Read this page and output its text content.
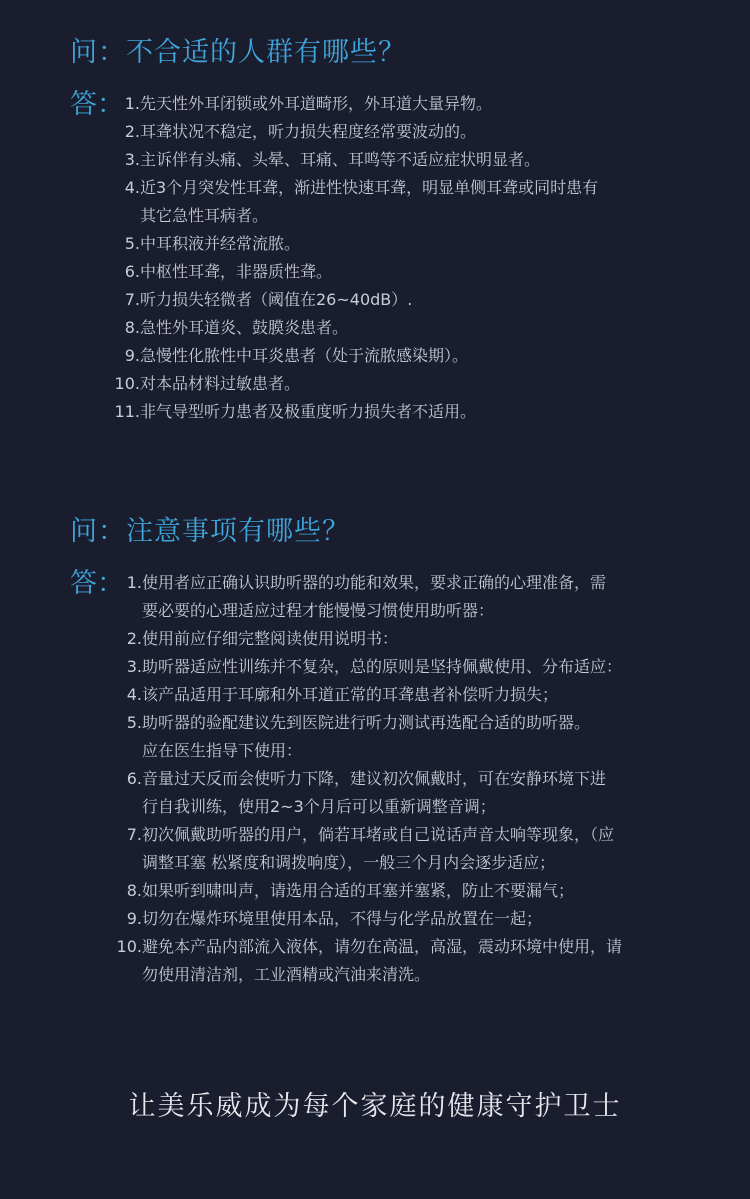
问：不合适的人群有哪些？
答： 1.先天性外耳闭锁或外耳道畸形，外耳道大量异物。
2.耳聋状况不稳定，听力损失程度经常要波动的。
3.主诉伴有头痛、头晕、耳痛、耳鸣等不适应症状明显者。
4.近3个月突发性耳聋，渐进性快速耳聋，明显单侧耳聋或同时患有
其它急性耳病者。
5.中耳积液并经常流脓。
6.中枢性耳聋，非器质性聋。
7.听力损失轻微者（阈值在26~40dB）.
8.急性外耳道炎、鼓膜炎患者。
9.急慢性化脓性中耳炎患者（处于流脓感染期）。
10.对本品材料过敏患者。
11.非气导型听力患者及极重度听力损失者不适用。
问：注意事项有哪些？
答： 1.使用者应正确认识助听器的功能和效果，要求正确的心理准备，需
要必要的心理适应过程才能慢慢习惯使用助听器：
2.使用前应仔细完整阅读使用说明书：
3.助听器适应性训练并不复杂，总的原则是坚持佩戴使用、分布适应：
4.该产品适用于耳廓和外耳道正常的耳聋患者补偿听力损失；
5.助听器的验配建议先到医院进行听力测试再选配合适的助听器。
应在医生指导下使用：
6.音量过天反而会使听力下降，建议初次佩戴时，可在安静环境下进
行自我训练，使用2~3个月后可以重新调整音调；
7.初次佩戴助听器的用户，倘若耳堵或自己说话声音太响等现象，（应
调整耳塞 松紧度和调拨响度），一般三个月内会逐步适应；
8.如果听到啸叫声，请选用合适的耳塞并塞紧，防止不要漏气；
9.切勿在爆炸环境里使用本品，不得与化学品放置在一起；
10.避免本产品内部流入液体，请勿在高温，高湿，震动环境中使用，请
勿使用清洁剂，工业酒精或汽油来清洗。
让美乐威成为每个家庭的健康守护卫士
